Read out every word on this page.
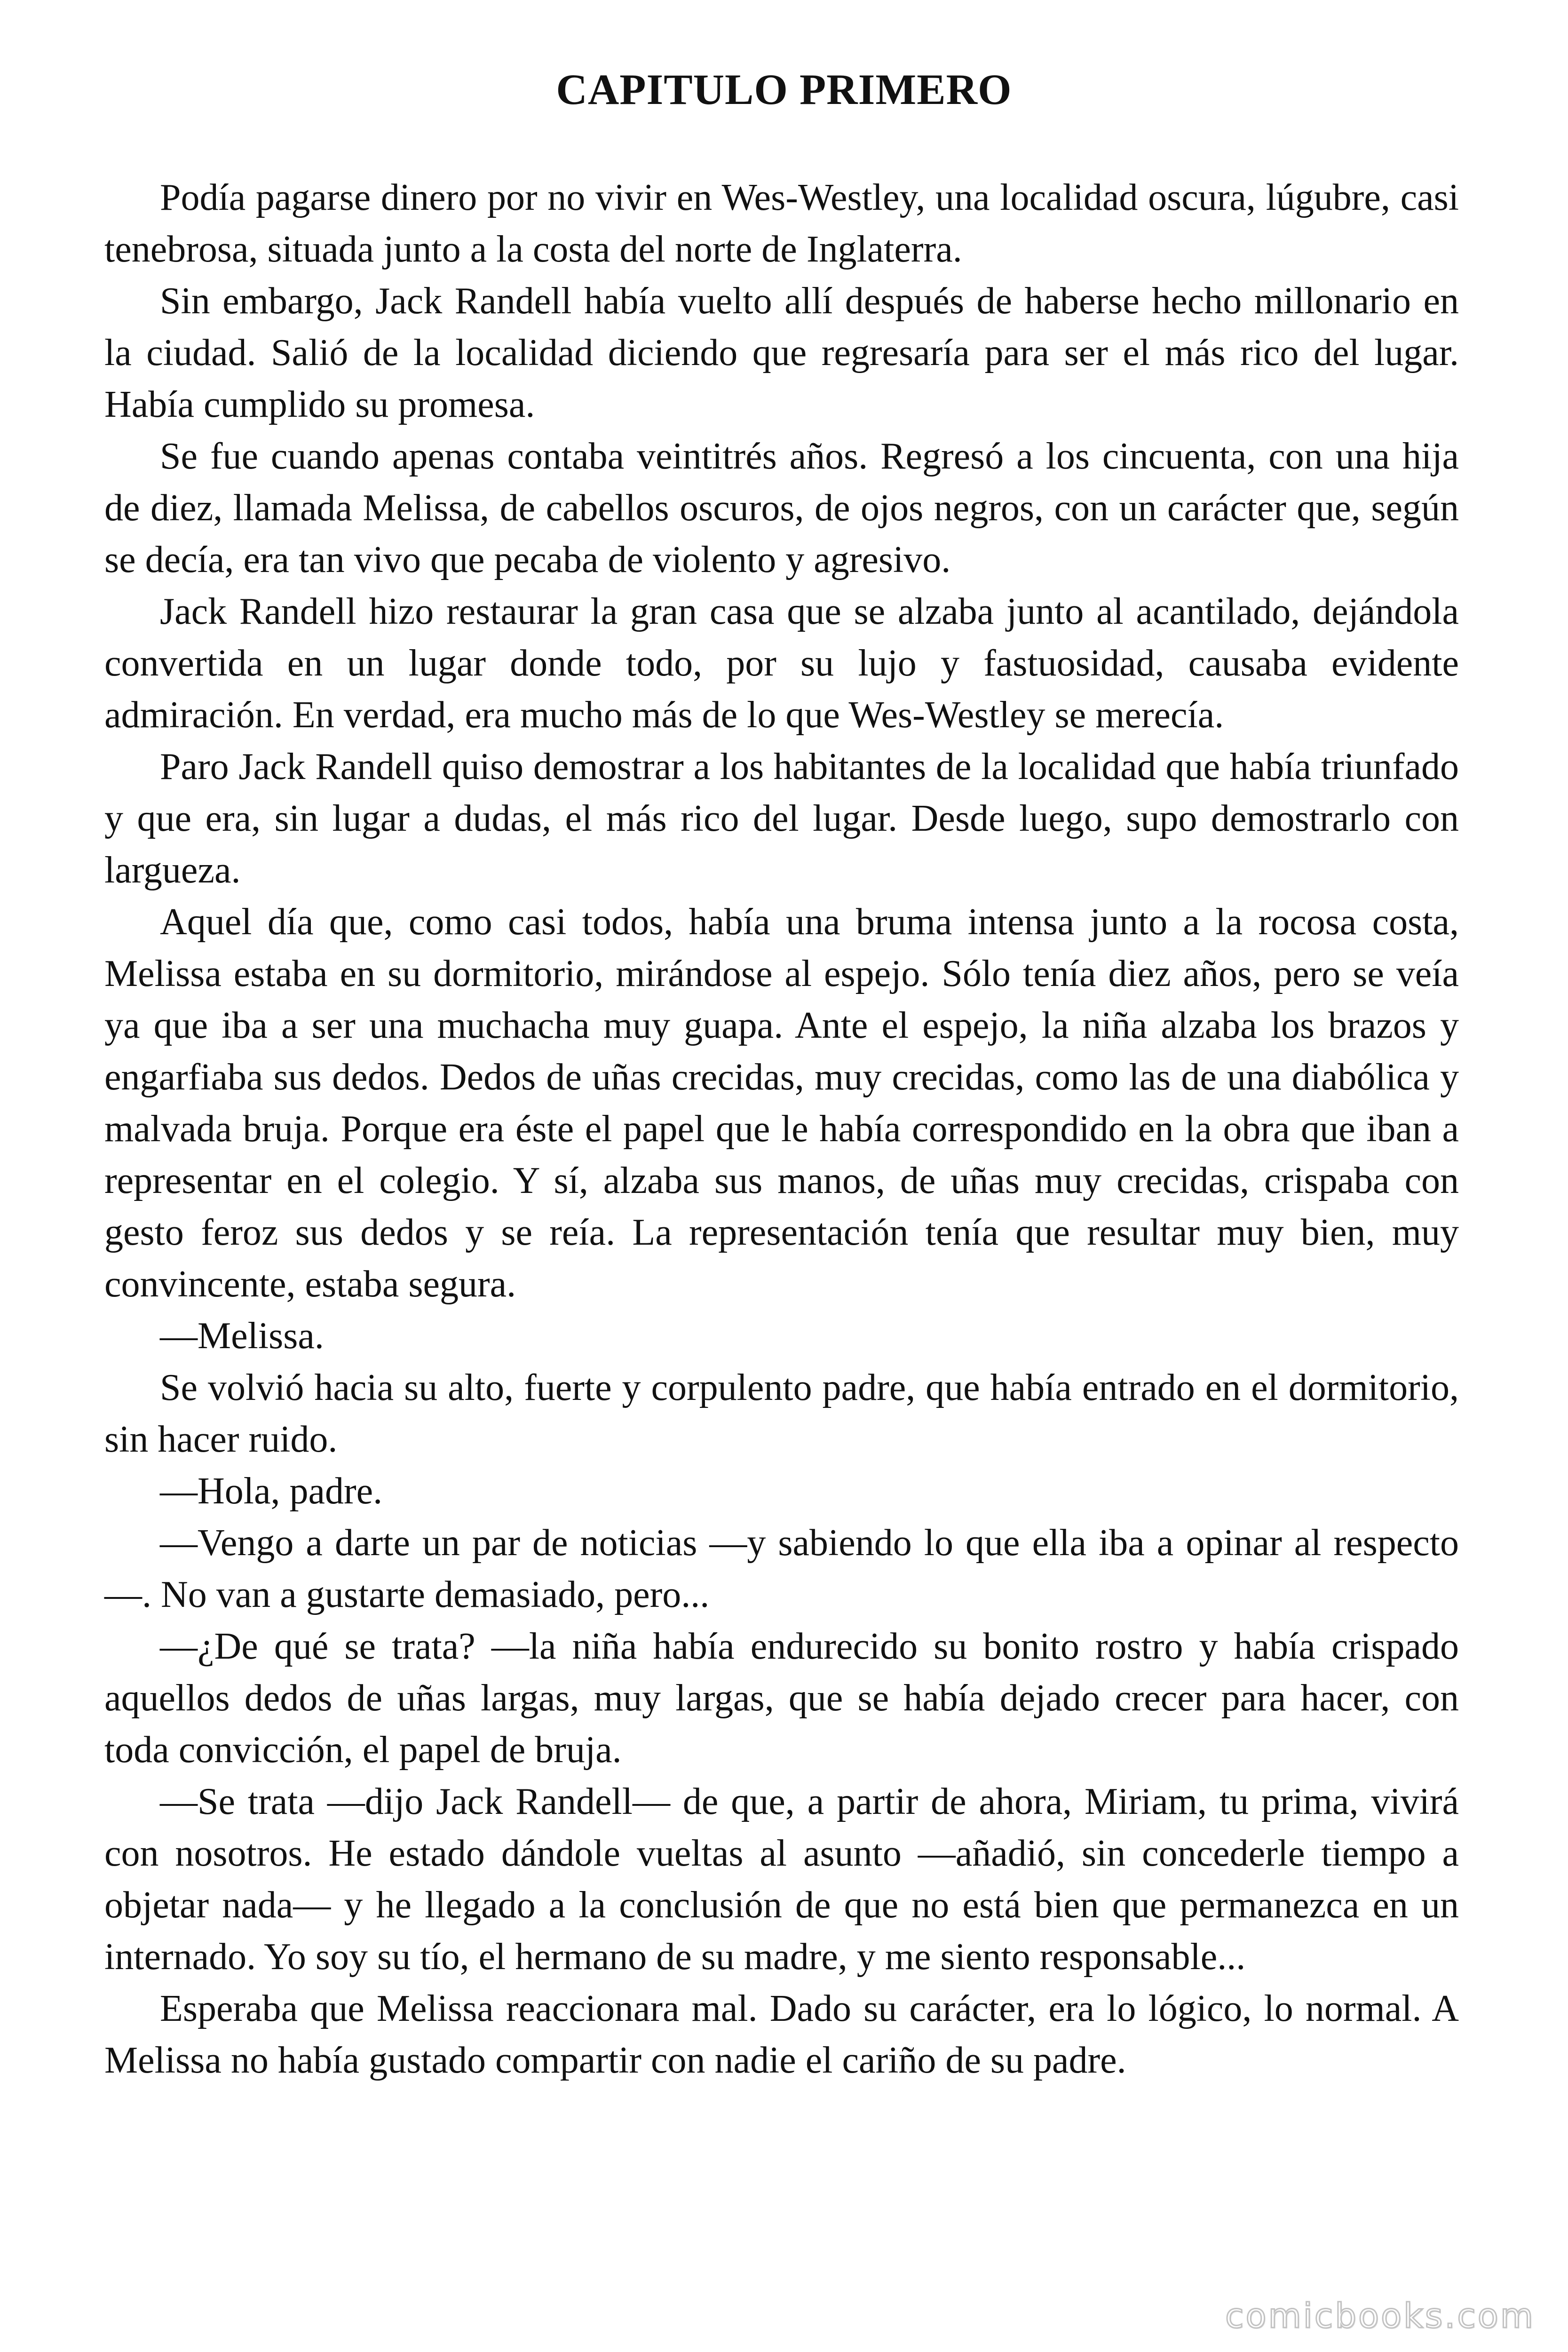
CAPITULO PRIMERO

Podía pagarse dinero por no vivir en Wes-Westley, una localidad oscura, lúgubre, casi tenebrosa, situada junto a la costa del norte de Inglaterra.

Sin embargo, Jack Randell había vuelto allí después de haberse hecho millonario en la ciudad. Salió de la localidad diciendo que regresaría para ser el más rico del lugar. Había cumplido su promesa.

Se fue cuando apenas contaba veintitrés años. Regresó a los cincuenta, con una hija de diez, llamada Melissa, de cabellos oscuros, de ojos negros, con un carácter que, según se decía, era tan vivo que pecaba de violento y agresivo.

Jack Randell hizo restaurar la gran casa que se alzaba junto al acantilado, dejándola convertida en un lugar donde todo, por su lujo y fastuosidad, causaba evidente admiración. En verdad, era mucho más de lo que Wes-Westley se merecía.

Paro Jack Randell quiso demostrar a los habitantes de la localidad que había triunfado y que era, sin lugar a dudas, el más rico del lugar. Desde luego, supo demostrarlo con largueza.

Aquel día que, como casi todos, había una bruma intensa junto a la rocosa costa, Melissa estaba en su dormitorio, mirándose al espejo. Sólo tenía diez años, pero se veía ya que iba a ser una muchacha muy guapa. Ante el espejo, la niña alzaba los brazos y engarfiaba sus dedos. Dedos de uñas crecidas, muy crecidas, como las de una diabólica y malvada bruja. Porque era éste el papel que le había correspondido en la obra que iban a representar en el colegio. Y sí, alzaba sus manos, de uñas muy crecidas, crispaba con gesto feroz sus dedos y se reía. La representación tenía que resultar muy bien, muy convincente, estaba segura.

—Melissa.

Se volvió hacia su alto, fuerte y corpulento padre, que había entrado en el dormitorio, sin hacer ruido.

—Hola, padre.

—Vengo a darte un par de noticias —y sabiendo lo que ella iba a opinar al respecto—. No van a gustarte demasiado, pero...

—¿De qué se trata? —la niña había endurecido su bonito rostro y había crispado aquellos dedos de uñas largas, muy largas, que se había dejado crecer para hacer, con toda convicción, el papel de bruja.

—Se trata —dijo Jack Randell— de que, a partir de ahora, Miriam, tu prima, vivirá con nosotros. He estado dándole vueltas al asunto —añadió, sin concederle tiempo a objetar nada— y he llegado a la conclusión de que no está bien que permanezca en un internado. Yo soy su tío, el hermano de su madre, y me siento responsable...

Esperaba que Melissa reaccionara mal. Dado su carácter, era lo lógico, lo normal. A Melissa no había gustado compartir con nadie el cariño de su padre.

comicbooks.com
